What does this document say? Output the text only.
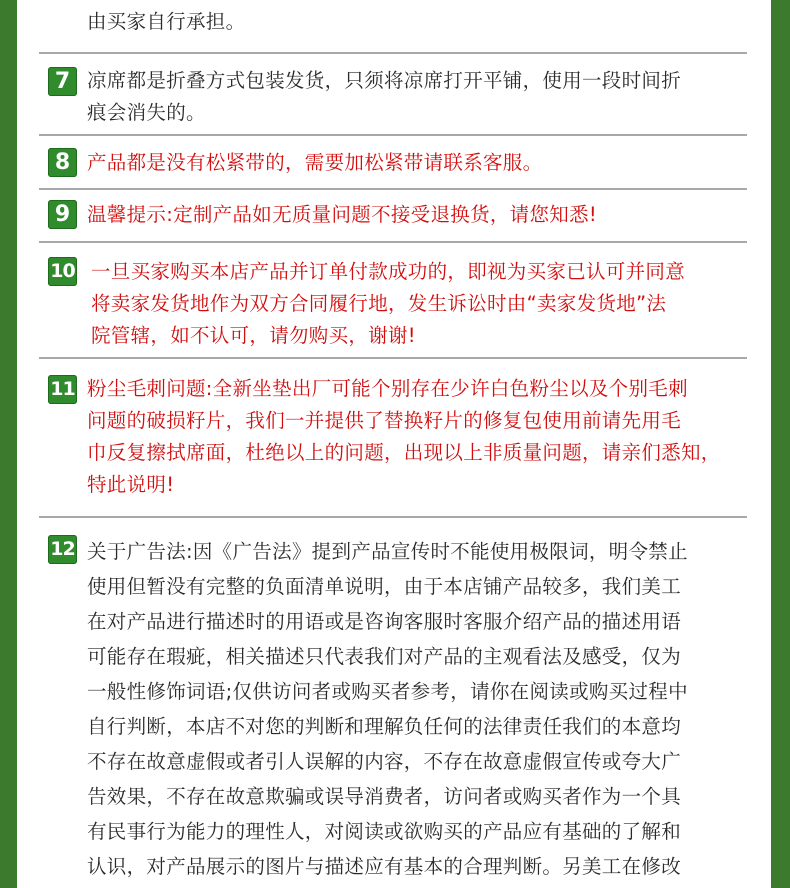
由买家自行承担。
7 凉席都是折叠方式包装发货，只须将凉席打开平铺，使用一段时间折
痕会消失的。
8 产品都是没有松紧带的，需要加松紧带请联系客服。
9 温馨提示:定制产品如无质量问题不接受退换货，请您知悉!
10 一旦买家购买本店产品并订单付款成功的，即视为买家已认可并同意
将卖家发货地作为双方合同履行地，发生诉讼时由“卖家发货地”法
院管辖，如不认可，请勿购买，谢谢!
11 粉尘毛刺问题:全新坐垫出厂可能个别存在少许白色粉尘以及个别毛刺
问题的破损籽片，我们一并提供了替换籽片的修复包使用前请先用毛
巾反复擦拭席面，杜绝以上的问题，出现以上非质量问题，请亲们悉知，
特此说明!
12 关于广告法:因《广告法》提到产品宣传时不能使用极限词，明令禁止
使用但暂没有完整的负面清单说明，由于本店铺产品较多，我们美工
在对产品进行描述时的用语或是咨询客服时客服介绍产品的描述用语
可能存在瑕疵，相关描述只代表我们对产品的主观看法及感受，仅为
一般性修饰词语;仅供访问者或购买者参考，请你在阅读或购买过程中
自行判断，本店不对您的判断和理解负任何的法律责任我们的本意均
不存在故意虚假或者引人误解的内容，不存在故意虚假宣传或夸大广
告效果，不存在故意欺骗或误导消费者，访问者或购买者作为一个具
有民事行为能力的理性人，对阅读或欲购买的产品应有基础的了解和
认识，对产品展示的图片与描述应有基本的合理判断。另美工在修改
